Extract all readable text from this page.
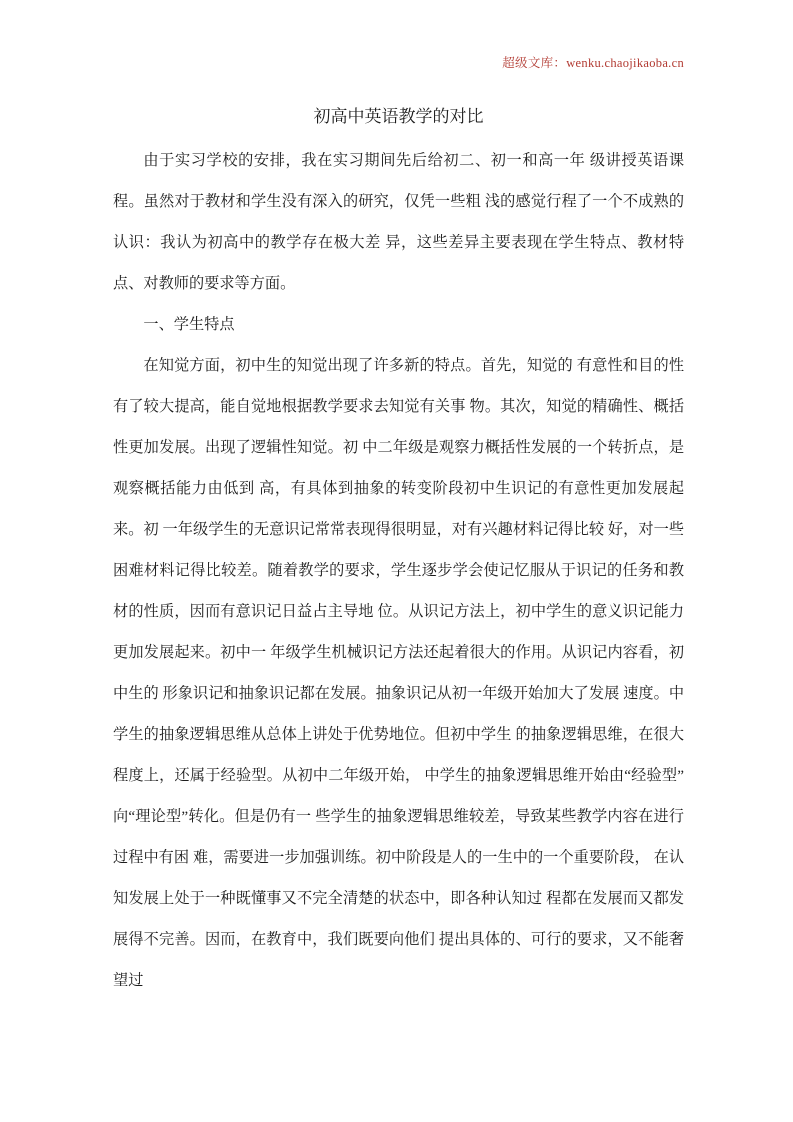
超级文库：wenku.chaojikaoba.cn
初高中英语教学的对比

由于实习学校的安排，我在实习期间先后给初二、初一和高一年 级讲授英语课程。虽然对于教材和学生没有深入的研究，仅凭一些粗 浅的感觉行程了一个不成熟的认识：我认为初高中的教学存在极大差 异，这些差异主要表现在学生特点、教材特点、对教师的要求等方面。

一、学生特点

在知觉方面，初中生的知觉出现了许多新的特点。首先，知觉的 有意性和目的性有了较大提高，能自觉地根据教学要求去知觉有关事 物。其次，知觉的精确性、概括性更加发展。出现了逻辑性知觉。初 中二年级是观察力概括性发展的一个转折点，是观察概括能力由低到 高，有具体到抽象的转变阶段初中生识记的有意性更加发展起来。初 一年级学生的无意识记常常表现得很明显，对有兴趣材料记得比较 好，对一些困难材料记得比较差。随着教学的要求，学生逐步学会使记忆服从于识记的任务和教材的性质，因而有意识记日益占主导地 位。从识记方法上，初中学生的意义识记能力更加发展起来。初中一 年级学生机械识记方法还起着很大的作用。从识记内容看，初中生的 形象识记和抽象识记都在发展。抽象识记从初一年级开始加大了发展 速度。中学生的抽象逻辑思维从总体上讲处于优势地位。但初中学生 的抽象逻辑思维，在很大程度上，还属于经验型。从初中二年级开始， 中学生的抽象逻辑思维开始由“经验型”向“理论型”转化。但是仍有一 些学生的抽象逻辑思维较差，导致某些教学内容在进行过程中有困 难，需要进一步加强训练。初中阶段是人的一生中的一个重要阶段， 在认知发展上处于一种既懂事又不完全清楚的状态中，即各种认知过 程都在发展而又都发展得不完善。因而，在教育中，我们既要向他们 提出具体的、可行的要求，又不能奢望过
